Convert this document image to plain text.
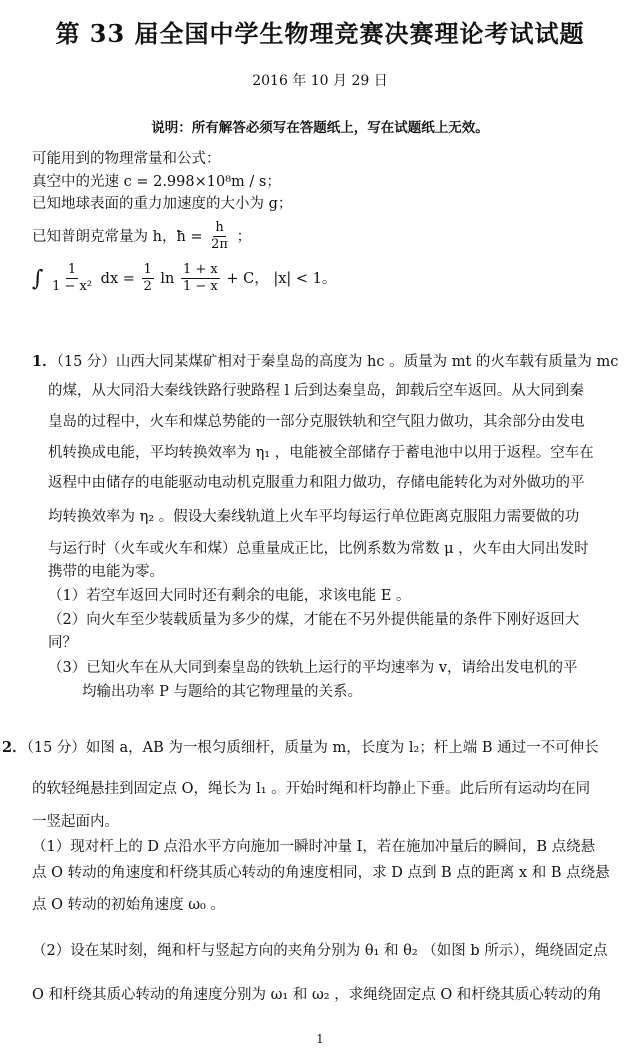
第 33 届全国中学生物理竞赛决赛理论考试试题
2016 年 10 月 29 日
说明：所有解答必须写在答题纸上，写在试题纸上无效。
可能用到的物理常量和公式：
真空中的光速 c = 2.998×10⁸m / s；
已知地球表面的重力加速度的大小为 g；
已知普朗克常量为 h，ħ = $\frac{h}{2\pi}$ ；
∫ $\frac{1}{\text{1 − x²}}$ dx = $\frac{1}{2}$ $\ln \frac{1 + x}{1 - x} + C$， |x| < 1。
1．（15 分）山西大同某煤矿相对于秦皇岛的高度为 hc 。质量为 mt 的火车载有质量为 mc
的煤，从大同沿大秦线铁路行驶路程 l 后到达秦皇岛，卸载后空车返回。从大同到秦
皇岛的过程中，火车和煤总势能的一部分克服铁轨和空气阻力做功，其余部分由发电
机转换成电能，平均转换效率为 η₁ ，电能被全部储存于蓄电池中以用于返程。空车在
返程中由储存的电能驱动电动机克服重力和阻力做功，存储电能转化为对外做功的平
均转换效率为 η₂ 。假设大秦线轨道上火车平均每运行单位距离克服阻力需要做的功
与运行时（火车或火车和煤）总重量成正比，比例系数为常数 μ ，火车由大同出发时
携带的电能为零。
（1）若空车返回大同时还有剩余的电能，求该电能 E 。
（2）向火车至少装载质量为多少的煤，才能在不另外提供能量的条件下刚好返回大
同？
（3）已知火车在从大同到秦皇岛的铁轨上运行的平均速率为 v，请给出发电机的平
均输出功率 P 与题给的其它物理量的关系。
2．（15 分）如图 a，AB 为一根匀质细杆，质量为 m，长度为 l₂；杆上端 B 通过一不可伸长
的软轻绳悬挂到固定点 O，绳长为 l₁ 。开始时绳和杆均静止下垂。此后所有运动均在同
一竖起面内。
（1）现对杆上的 D 点沿水平方向施加一瞬时冲量 I，若在施加冲量后的瞬间，B 点绕悬
点 O 转动的角速度和杆绕其质心转动的角速度相同，求 D 点到 B 点的距离 x 和 B 点绕悬
点 O 转动的初始角速度 ω₀ 。
（2）设在某时刻，绳和杆与竖起方向的夹角分别为 θ₁ 和 θ₂ （如图 b 所示），绳绕固定点
O 和杆绕其质心转动的角速度分别为 ω₁ 和 ω₂ ，求绳绕固定点 O 和杆绕其质心转动的角
1
